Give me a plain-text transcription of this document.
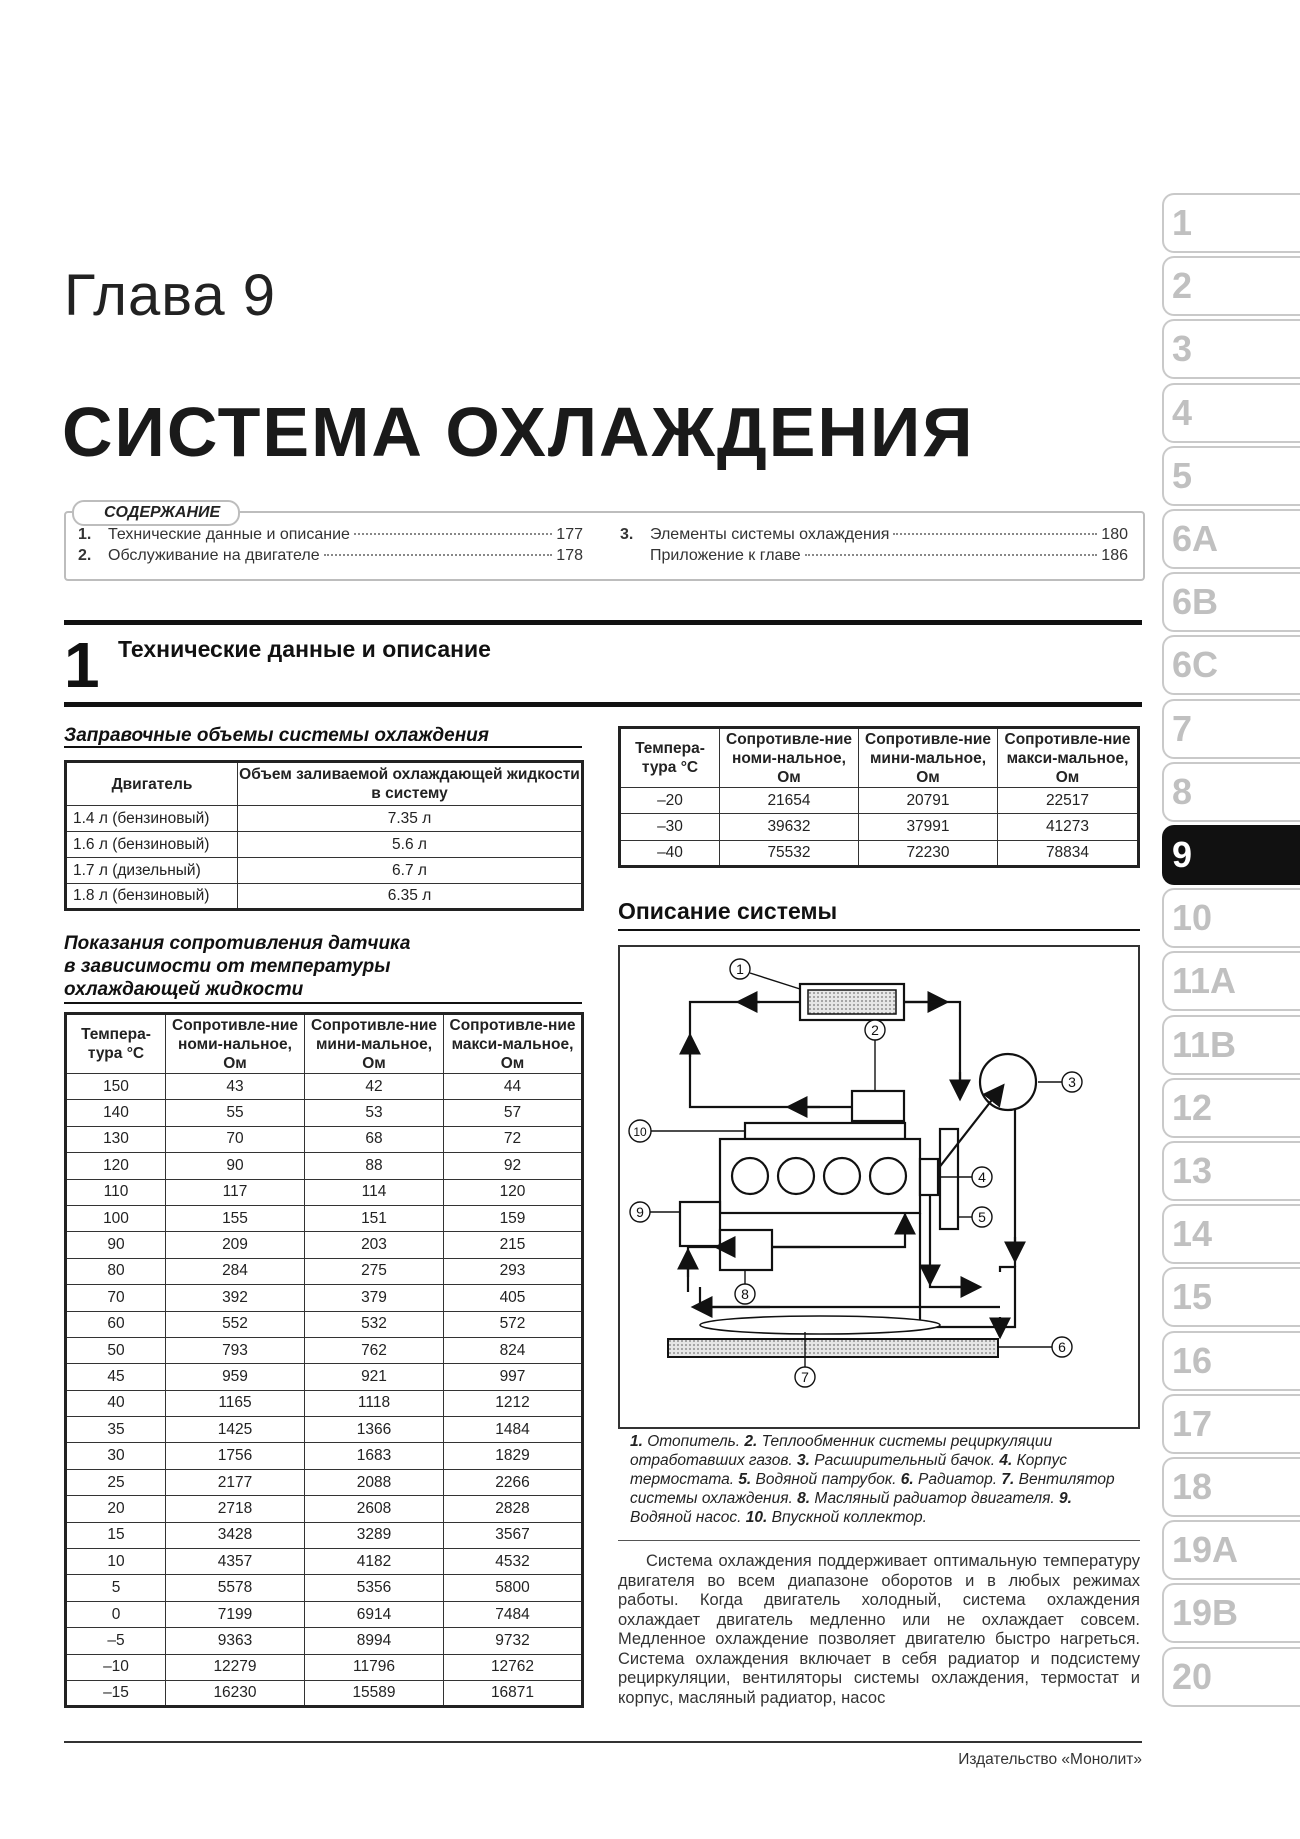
Глава 9
СИСТЕМА ОХЛАЖДЕНИЯ
1.	Технические данные и описание	177
2.	Обслуживание на двигателе	178
3.	Элементы системы охлаждения	180
Приложение к главе	186
СОДЕРЖАНИЕ
1 Технические данные и описание
Заправочные объемы системы охлаждения
Двигатель	Объем заливаемой охлаждающей жидкости в систему
1.4 л (бензиновый)	7.35 л
1.6 л (бензиновый)	5.6 л
1.7 л (дизельный)	6.7 л
1.8 л (бензиновый)	6.35 л
Показания сопротивления датчика
в зависимости от температуры
охлаждающей жидкости
Темпера-тура °С	Сопротивле-ние номи-нальное, Ом	Сопротивле-ние мини-мальное, Ом	Сопротивле-ние макси-мальное, Ом
150	43	42	44
140	55	53	57
130	70	68	72
120	90	88	92
110	117	114	120
100	155	151	159
90	209	203	215
80	284	275	293
70	392	379	405
60	552	532	572
50	793	762	824
45	959	921	997
40	1165	1118	1212
35	1425	1366	1484
30	1756	1683	1829
25	2177	2088	2266
20	2718	2608	2828
15	3428	3289	3567
10	4357	4182	4532
5	5578	5356	5800
0	7199	6914	7484
–5	9363	8994	9732
–10	12279	11796	12762
–15	16230	15589	16871
Темпера-тура °С	Сопротивле-ние номи-нальное, Ом	Сопротивле-ние мини-мальное, Ом	Сопротивле-ние макси-мальное, Ом
–20	21654	20791	22517
–30	39632	37991	41273
–40	75532	72230	78834
Описание системы
1
2
3
4
5
6
7
8
9
10
1. Отопитель. 2. Теплообменник системы рециркуляции отработавших газов. 3. Расширительный бачок. 4. Корпус термостата. 5. Водяной патрубок. 6. Радиатор. 7. Вентилятор системы охлаждения. 8. Масляный радиатор двигателя. 9. Водяной насос. 10. Впускной коллектор.
Система охлаждения поддерживает оптимальную температуру двигателя во всем диапазоне оборотов и в любых режимах работы. Когда двигатель холодный, система охлаждения охлаждает двигатель медленно или не охлаждает совсем. Медленное охлаждение позволяет двигателю быстро нагреться. Система охлаждения включает в себя радиатор и подсистему рециркуляции, вентиляторы системы охлаждения, термостат и корпус, масляный радиатор, насос
Издательство «Монолит»
1
2
3
4
5
6A
6B
6C
7
8
9
10
11A
11B
12
13
14
15
16
17
18
19A
19B
20
